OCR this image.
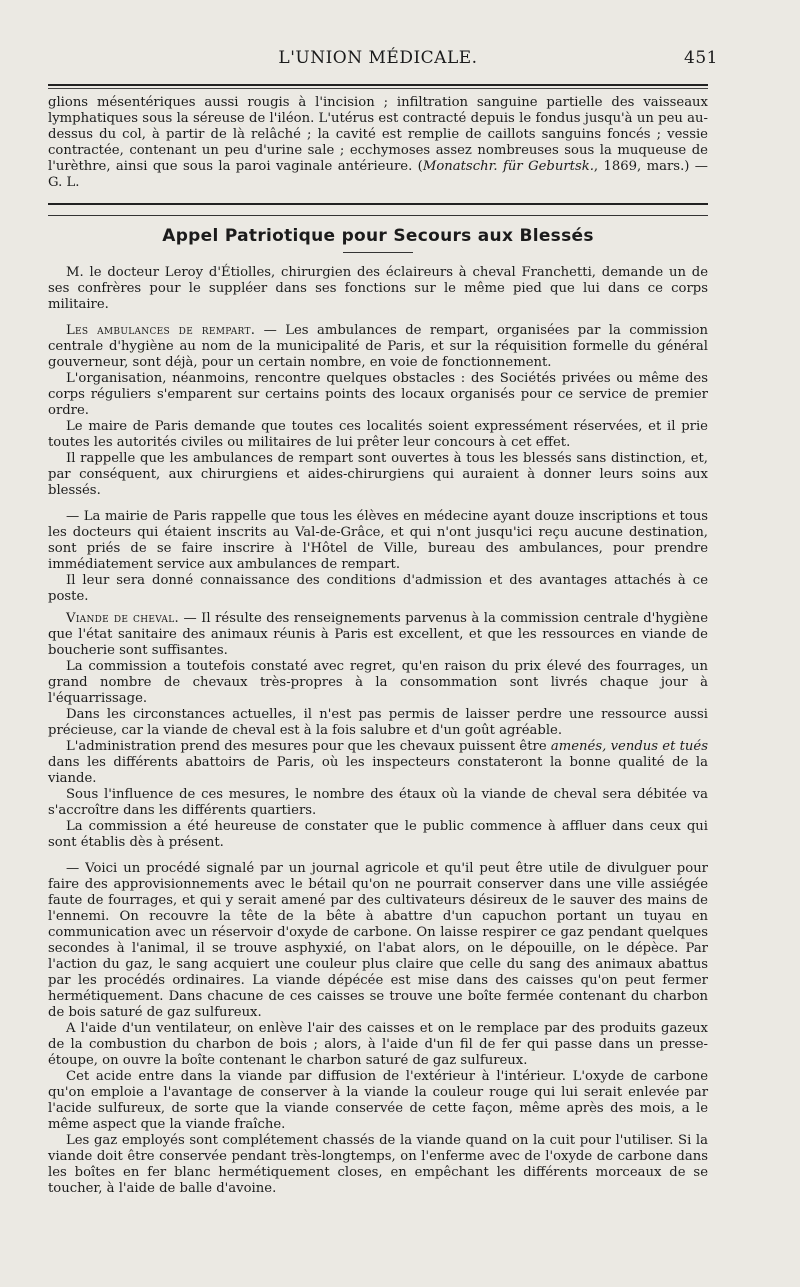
L'UNION MÉDICALE.	451

glions mésentériques aussi rougis à l'incision ; infiltration sanguine partielle des vaisseaux lymphatiques sous la séreuse de l'iléon. L'utérus est contracté depuis le fondus jusqu'à un peu au-dessus du col, à partir de là relâché ; la cavité est remplie de caillots sanguins foncés ; vessie contractée, contenant un peu d'urine sale ; ecchymoses assez nombreuses sous la muqueuse de l'urèthre, ainsi que sous la paroi vaginale antérieure. (Monatschr. für Geburtsk., 1869, mars.) — G. L.

Appel Patriotique pour Secours aux Blessés

M. le docteur Leroy d'Étiolles, chirurgien des éclaireurs à cheval Franchetti, demande un de ses confrères pour le suppléer dans ses fonctions sur le même pied que lui dans ce corps militaire.

Les ambulances de rempart. — Les ambulances de rempart, organisées par la commission centrale d'hygiène au nom de la municipalité de Paris, et sur la réquisition formelle du général gouverneur, sont déjà, pour un certain nombre, en voie de fonctionnement.

L'organisation, néanmoins, rencontre quelques obstacles : des Sociétés privées ou même des corps réguliers s'emparent sur certains points des locaux organisés pour ce service de premier ordre.

Le maire de Paris demande que toutes ces localités soient expressément réservées, et il prie toutes les autorités civiles ou militaires de lui prêter leur concours à cet effet.

Il rappelle que les ambulances de rempart sont ouvertes à tous les blessés sans distinction, et, par conséquent, aux chirurgiens et aides-chirurgiens qui auraient à donner leurs soins aux blessés.

— La mairie de Paris rappelle que tous les élèves en médecine ayant douze inscriptions et tous les docteurs qui étaient inscrits au Val-de-Grâce, et qui n'ont jusqu'ici reçu aucune destination, sont priés de se faire inscrire à l'Hôtel de Ville, bureau des ambulances, pour prendre immédiatement service aux ambulances de rempart.

Il leur sera donné connaissance des conditions d'admission et des avantages attachés à ce poste.

Viande de cheval. — Il résulte des renseignements parvenus à la commission centrale d'hygiène que l'état sanitaire des animaux réunis à Paris est excellent, et que les ressources en viande de boucherie sont suffisantes.

La commission a toutefois constaté avec regret, qu'en raison du prix élevé des fourrages, un grand nombre de chevaux très-propres à la consommation sont livrés chaque jour à l'équarrissage.

Dans les circonstances actuelles, il n'est pas permis de laisser perdre une ressource aussi précieuse, car la viande de cheval est à la fois salubre et d'un goût agréable.

L'administration prend des mesures pour que les chevaux puissent être amenés, vendus et tués dans les différents abattoirs de Paris, où les inspecteurs constateront la bonne qualité de la viande.

Sous l'influence de ces mesures, le nombre des étaux où la viande de cheval sera débitée va s'accroître dans les différents quartiers.

La commission a été heureuse de constater que le public commence à affluer dans ceux qui sont établis dès à présent.

— Voici un procédé signalé par un journal agricole et qu'il peut être utile de divulguer pour faire des approvisionnements avec le bétail qu'on ne pourrait conserver dans une ville assiégée faute de fourrages, et qui y serait amené par des cultivateurs désireux de le sauver des mains de l'ennemi. On recouvre la tête de la bête à abattre d'un capuchon portant un tuyau en communication avec un réservoir d'oxyde de carbone. On laisse respirer ce gaz pendant quelques secondes à l'animal, il se trouve asphyxié, on l'abat alors, on le dépouille, on le dépèce. Par l'action du gaz, le sang acquiert une couleur plus claire que celle du sang des animaux abattus par les procédés ordinaires. La viande dépécée est mise dans des caisses qu'on peut fermer hermétiquement. Dans chacune de ces caisses se trouve une boîte fermée contenant du charbon de bois saturé de gaz sulfureux.

A l'aide d'un ventilateur, on enlève l'air des caisses et on le remplace par des produits gazeux de la combustion du charbon de bois ; alors, à l'aide d'un fil de fer qui passe dans un presse-étoupe, on ouvre la boîte contenant le charbon saturé de gaz sulfureux.

Cet acide entre dans la viande par diffusion de l'extérieur à l'intérieur. L'oxyde de carbone qu'on emploie a l'avantage de conserver à la viande la couleur rouge qui lui serait enlevée par l'acide sulfureux, de sorte que la viande conservée de cette façon, même après des mois, a le même aspect que la viande fraîche.

Les gaz employés sont complétement chassés de la viande quand on la cuit pour l'utiliser. Si la viande doit être conservée pendant très-longtemps, on l'enferme avec de l'oxyde de carbone dans les boîtes en fer blanc hermétiquement closes, en empêchant les différents morceaux de se toucher, à l'aide de balle d'avoine.
